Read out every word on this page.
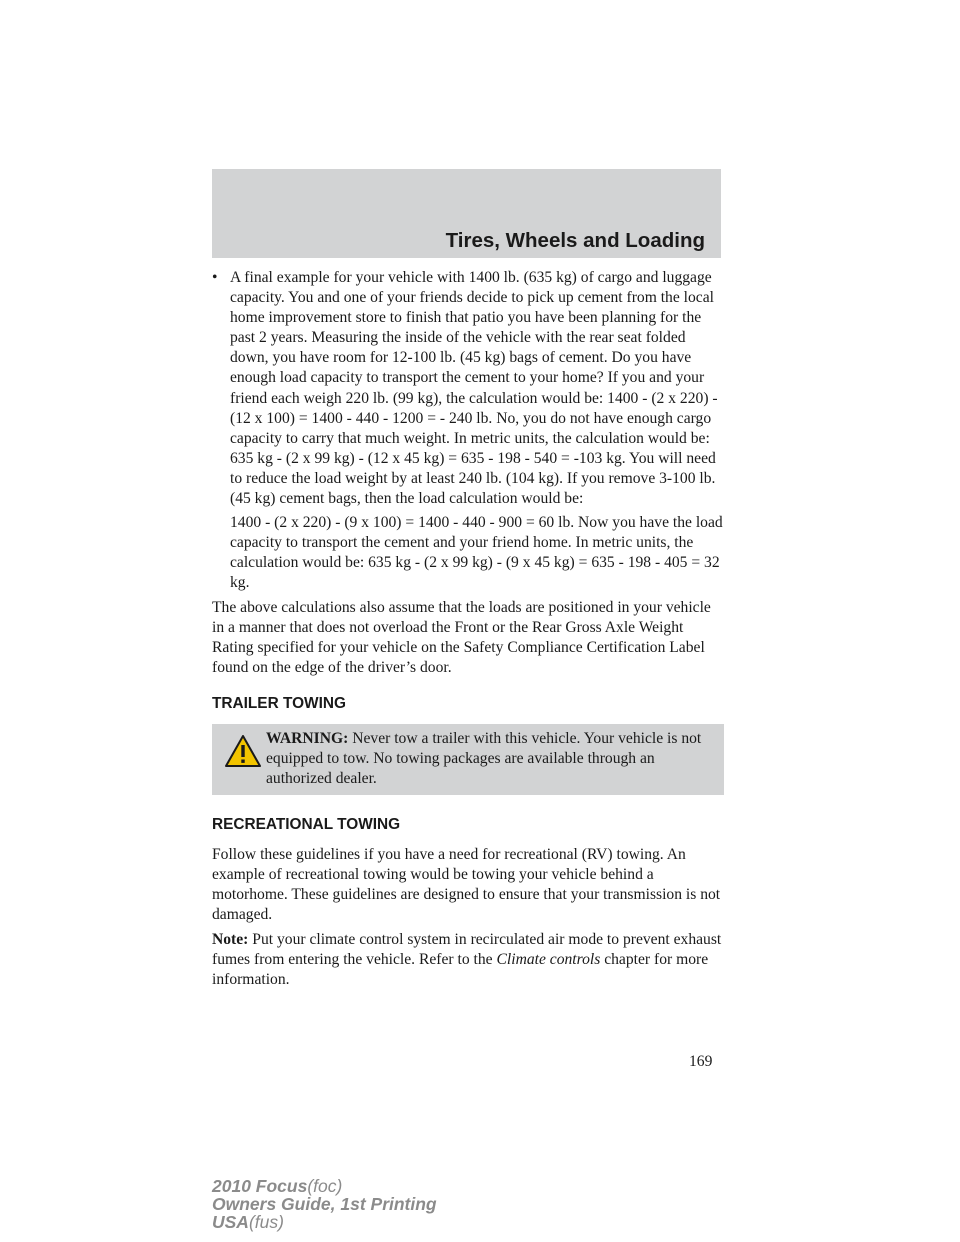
Tires, Wheels and Loading
• A final example for your vehicle with 1400 lb. (635 kg) of cargo and luggage capacity. You and one of your friends decide to pick up cement from the local home improvement store to finish that patio you have been planning for the past 2 years. Measuring the inside of the vehicle with the rear seat folded down, you have room for 12-100 lb. (45 kg) bags of cement. Do you have enough load capacity to transport the cement to your home? If you and your friend each weigh 220 lb. (99 kg), the calculation would be: 1400 - (2 x 220) - (12 x 100) = 1400 - 440 - 1200 = - 240 lb. No, you do not have enough cargo capacity to carry that much weight. In metric units, the calculation would be: 635 kg - (2 x 99 kg) - (12 x 45 kg) = 635 - 198 - 540 = -103 kg. You will need to reduce the load weight by at least 240 lb. (104 kg). If you remove 3-100 lb. (45 kg) cement bags, then the load calculation would be:
1400 - (2 x 220) - (9 x 100) = 1400 - 440 - 900 = 60 lb. Now you have the load capacity to transport the cement and your friend home. In metric units, the calculation would be: 635 kg - (2 x 99 kg) - (9 x 45 kg) = 635 - 198 - 405 = 32 kg.
The above calculations also assume that the loads are positioned in your vehicle in a manner that does not overload the Front or the Rear Gross Axle Weight Rating specified for your vehicle on the Safety Compliance Certification Label found on the edge of the driver’s door.
TRAILER TOWING
WARNING: Never tow a trailer with this vehicle. Your vehicle is not equipped to tow. No towing packages are available through an authorized dealer.
RECREATIONAL TOWING
Follow these guidelines if you have a need for recreational (RV) towing. An example of recreational towing would be towing your vehicle behind a motorhome. These guidelines are designed to ensure that your transmission is not damaged.
Note: Put your climate control system in recirculated air mode to prevent exhaust fumes from entering the vehicle. Refer to the Climate controls chapter for more information.
169
2010 Focus(foc)
Owners Guide, 1st Printing
USA(fus)
